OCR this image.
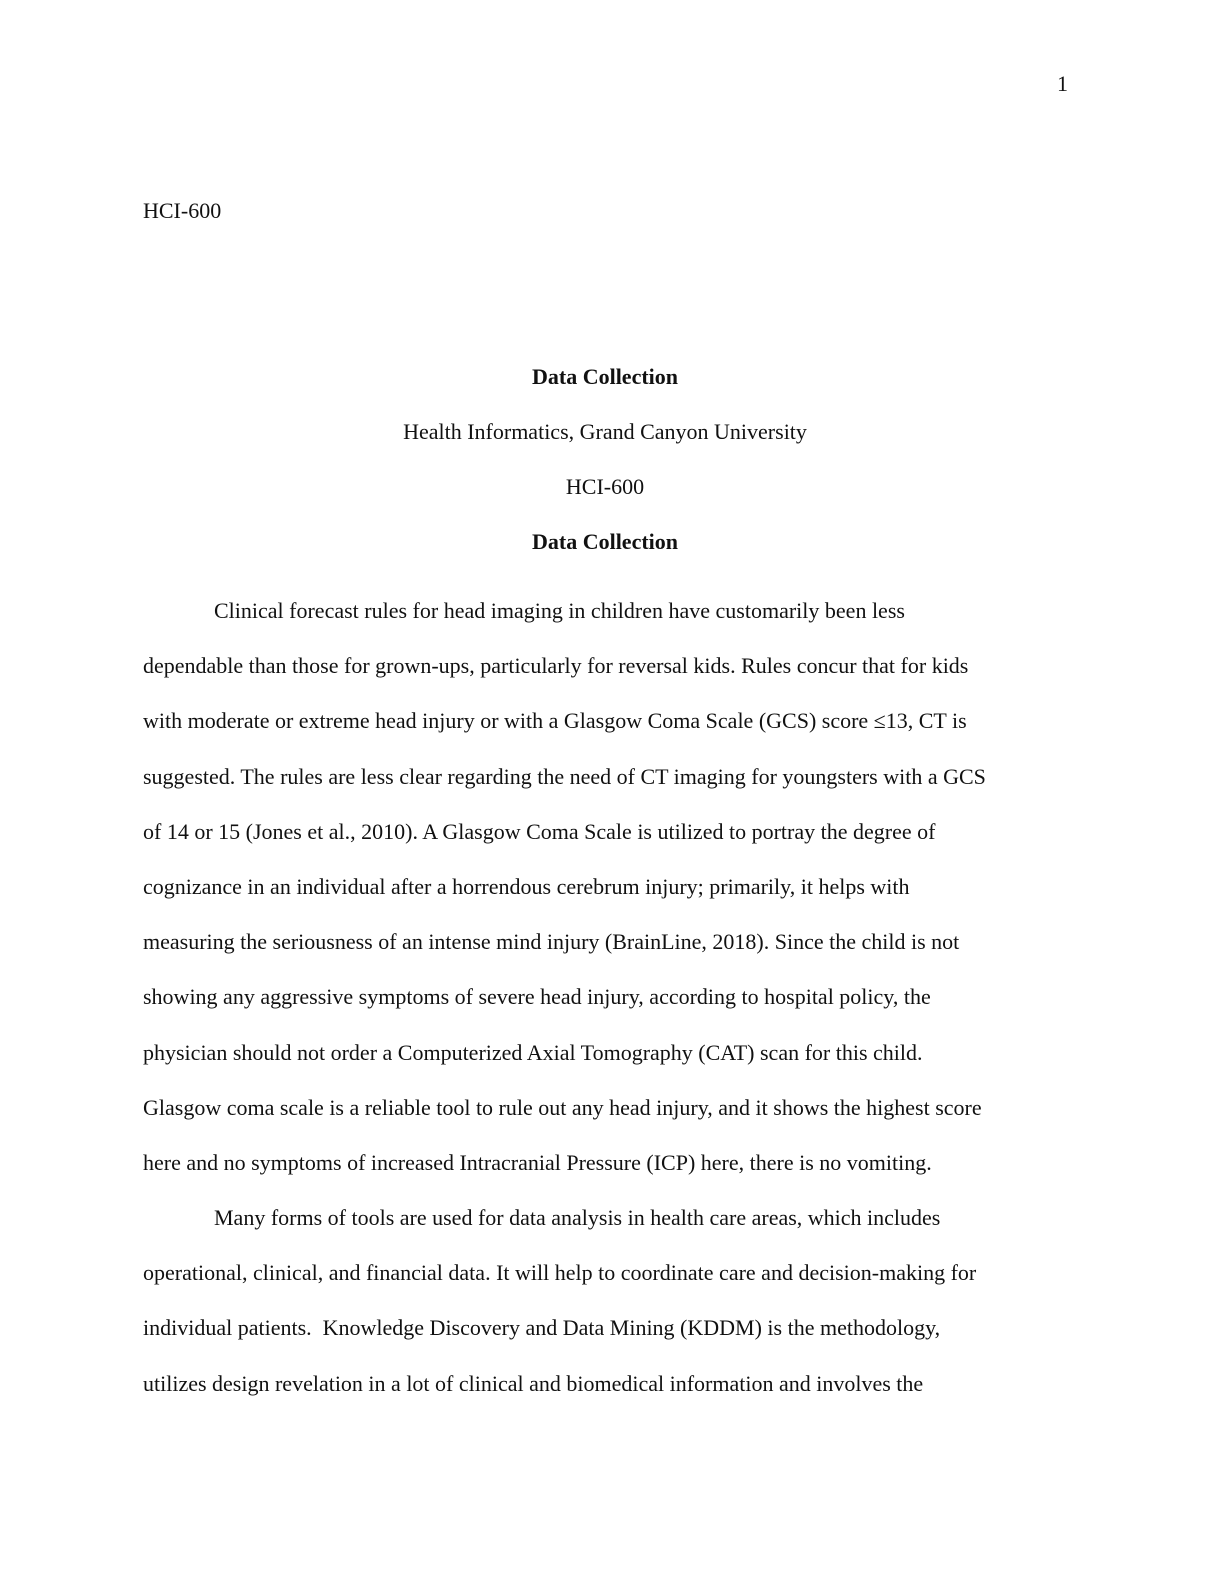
1
HCI-600
Data Collection
Health Informatics, Grand Canyon University
HCI-600
Data Collection
Clinical forecast rules for head imaging in children have customarily been less
dependable than those for grown-ups, particularly for reversal kids. Rules concur that for kids
with moderate or extreme head injury or with a Glasgow Coma Scale (GCS) score ≤13, CT is
suggested. The rules are less clear regarding the need of CT imaging for youngsters with a GCS
of 14 or 15 (Jones et al., 2010). A Glasgow Coma Scale is utilized to portray the degree of
cognizance in an individual after a horrendous cerebrum injury; primarily, it helps with
measuring the seriousness of an intense mind injury (BrainLine, 2018). Since the child is not
showing any aggressive symptoms of severe head injury, according to hospital policy, the
physician should not order a Computerized Axial Tomography (CAT) scan for this child.
Glasgow coma scale is a reliable tool to rule out any head injury, and it shows the highest score
here and no symptoms of increased Intracranial Pressure (ICP) here, there is no vomiting.
Many forms of tools are used for data analysis in health care areas, which includes
operational, clinical, and financial data. It will help to coordinate care and decision-making for
individual patients.  Knowledge Discovery and Data Mining (KDDM) is the methodology,
utilizes design revelation in a lot of clinical and biomedical information and involves the
